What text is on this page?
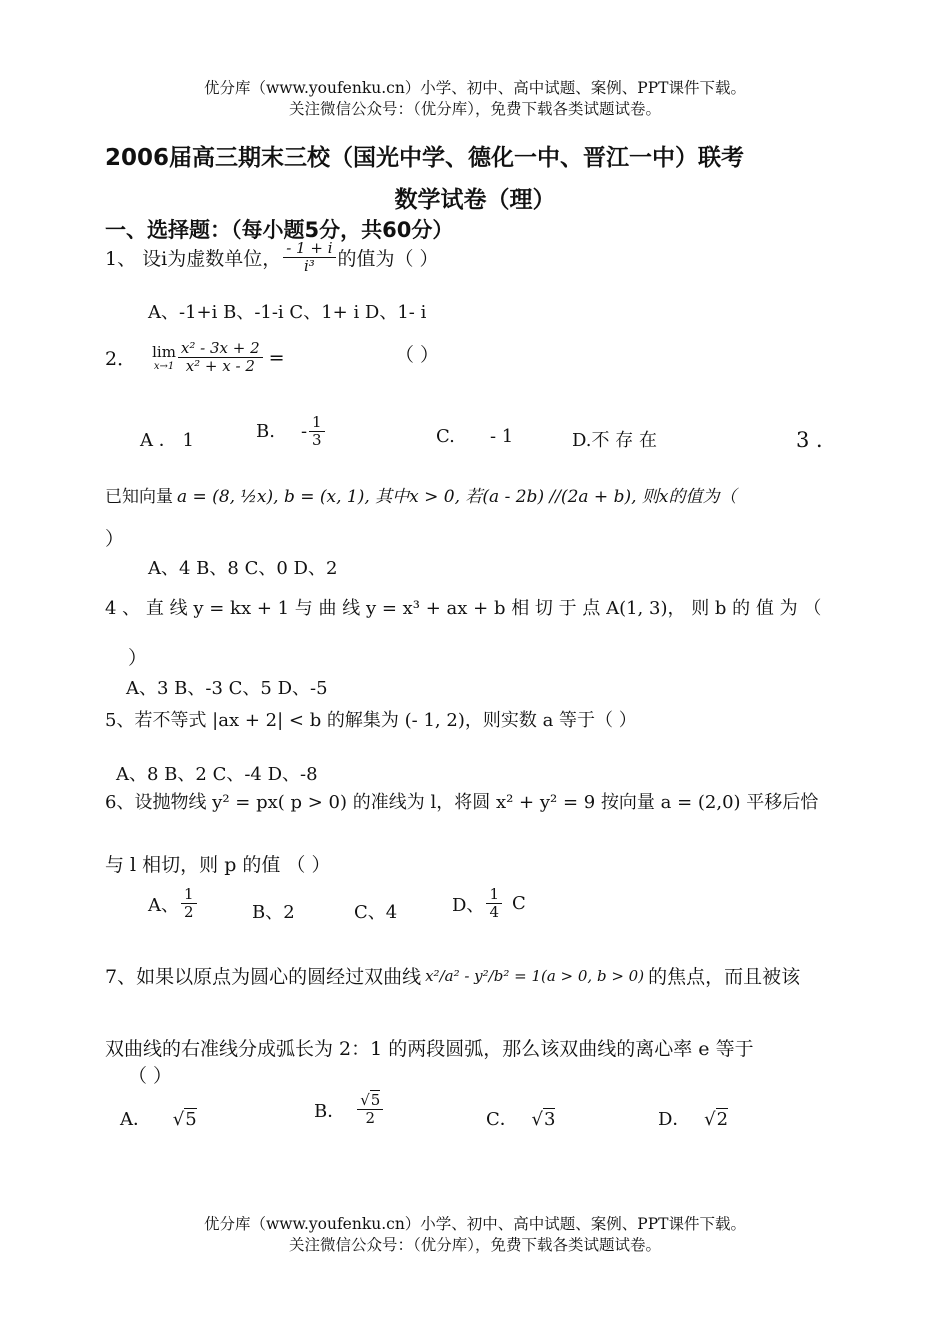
优分库（www.youfenku.cn）小学、初中、高中试题、案例、PPT课件下载。
关注微信公众号：（优分库），免费下载各类试题试卷。
2006届高三期末三校（国光中学、德化一中、晋江一中）联考
数学试卷（理）
一、选择题：（每小题5分，共60分）
1、 设i为虚数单位， $\frac{- 1 + i}{\text{i³}}$ 的值为（ ）
A、-1+i B、-1-i C、1+ i D、1- i
2． lim
$x\to 1 \frac{\text{x² - 3x + 2}}{\text{x² + x - 2}}$ =	（ ）
A ． 1	B. - $\frac{1}{3}$	C. - 1	D.不 存 在	3 ．
已知向量 a = (8, ½x), b = (x, 1), 其中x > 0, 若(a - 2b) //(2a + b), 则x的值为（
）
A、4 B、8 C、0 D、2
4 、 直 线 y = kx + 1 与 曲 线 y = x³ + ax + b 相 切 于 点 A(1, 3)， 则 b 的 值 为 （
）
A、3 B、-3 C、5 D、-5
5、若不等式 |ax + 2| < b 的解集为 (- 1, 2)，则实数 a 等于（ ）
A、8 B、2 C、-4 D、-8
6、设抛物线 y² = px( p > 0) 的准线为 l，将圆 x² + y² = 9 按向量 a = (2,0) 平移后恰
与 l 相切，则 p 的值 （ ）
A、 $\frac{1}{2}$	B、2	C、4	D、 $\frac{1}{4}$ C
7、如果以原点为圆心的圆经过双曲线 x²/a² - y²/b² = 1(a > 0, b > 0) 的焦点，而且被该
双曲线的右准线分成弧长为 2：1 的两段圆弧，那么该双曲线的离心率 e 等于
（ ）
A． √5	B． $\frac{√5}{2}$	C． √3	D． √2
优分库（www.youfenku.cn）小学、初中、高中试题、案例、PPT课件下载。
关注微信公众号：（优分库），免费下载各类试题试卷。
